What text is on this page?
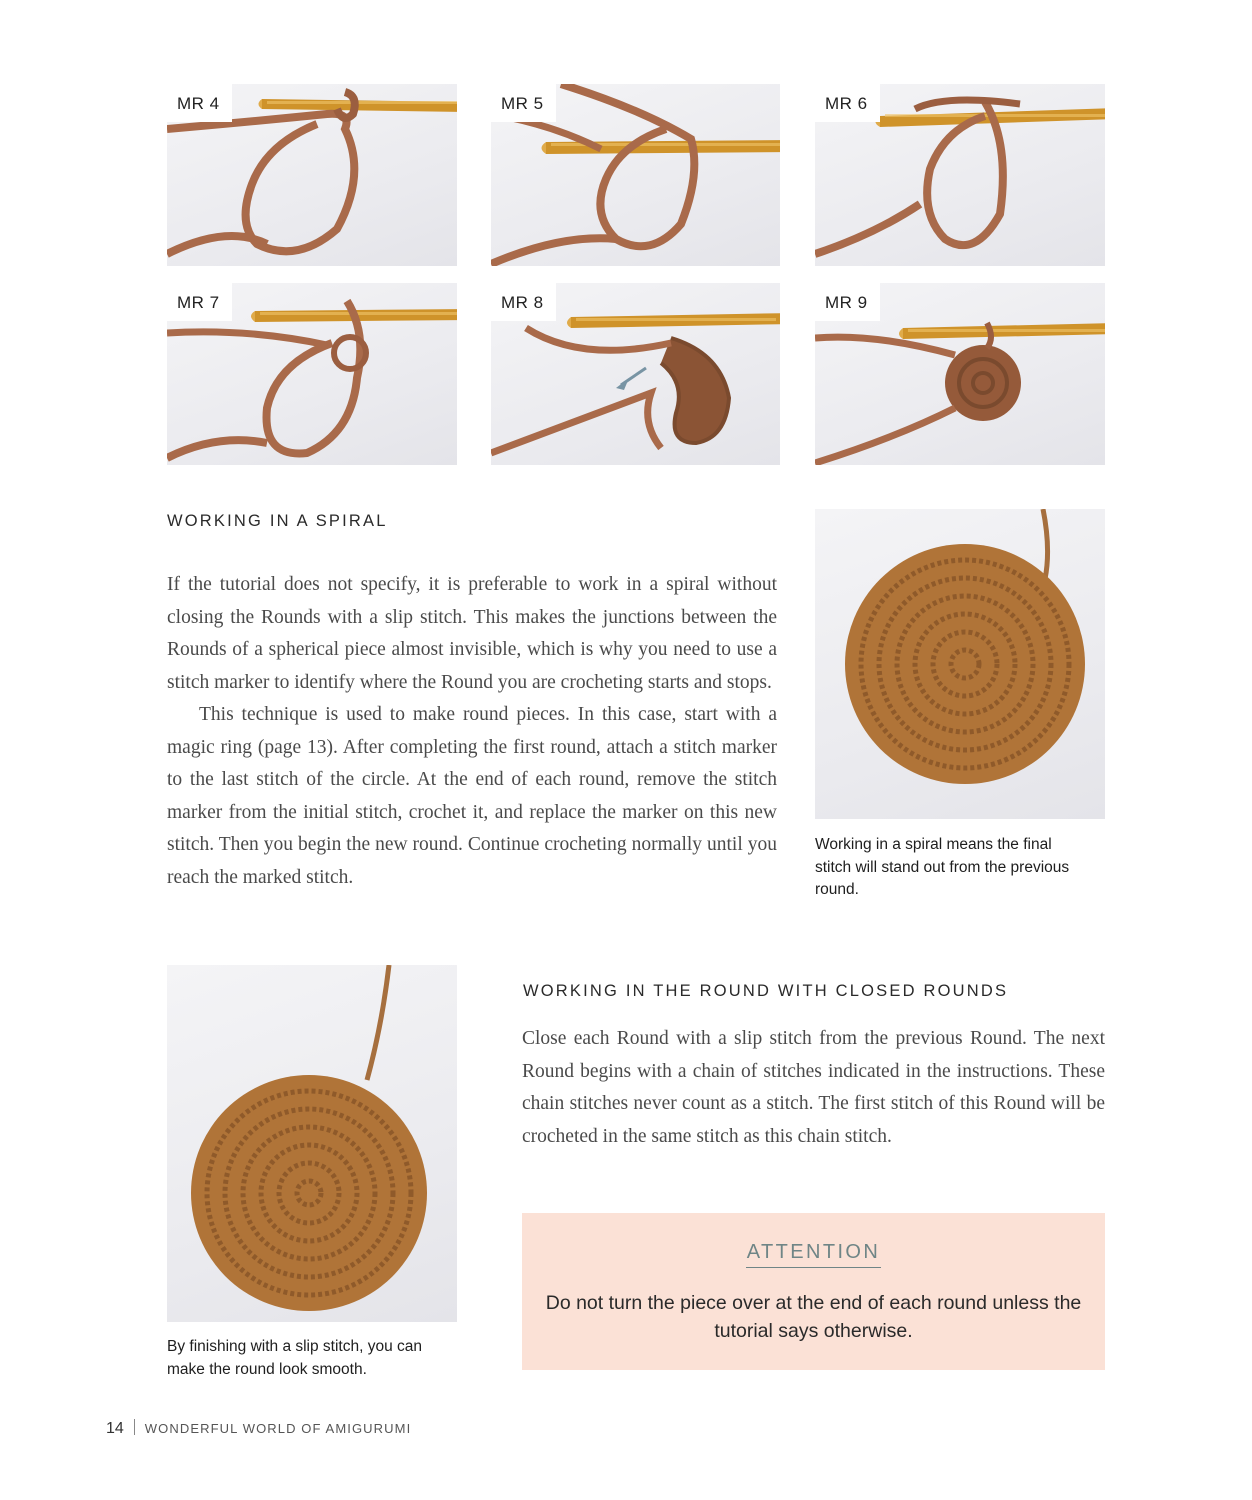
MR 4	MR 5	MR 6
MR 7	MR 8	MR 9
WORKING IN A SPIRAL

If the tutorial does not specify, it is preferable to work in a spiral without closing the Rounds with a slip stitch. This makes the junctions between the Rounds of a spherical piece almost invisible, which is why you need to use a stitch marker to identify where the Round you are crocheting starts and stops.

This technique is used to make round pieces. In this case, start with a magic ring (page 13). After completing the first round, attach a stitch marker to the last stitch of the circle. At the end of each round, remove the stitch marker from the initial stitch, crochet it, and replace the marker on this new stitch. Then you begin the new round. Continue crocheting normally until you reach the marked stitch.

Working in a spiral means the final stitch will stand out from the previous round.
By finishing with a slip stitch, you can make the round look smooth.
WORKING IN THE ROUND WITH CLOSED ROUNDS

Close each Round with a slip stitch from the previous Round. The next Round begins with a chain of stitches indicated in the instructions. These chain stitches never count as a stitch. The first stitch of this Round will be crocheted in the same stitch as this chain stitch.

ATTENTION
Do not turn the piece over at the end of each round unless the tutorial says otherwise.
14 WONDERFUL WORLD OF AMIGURUMI
